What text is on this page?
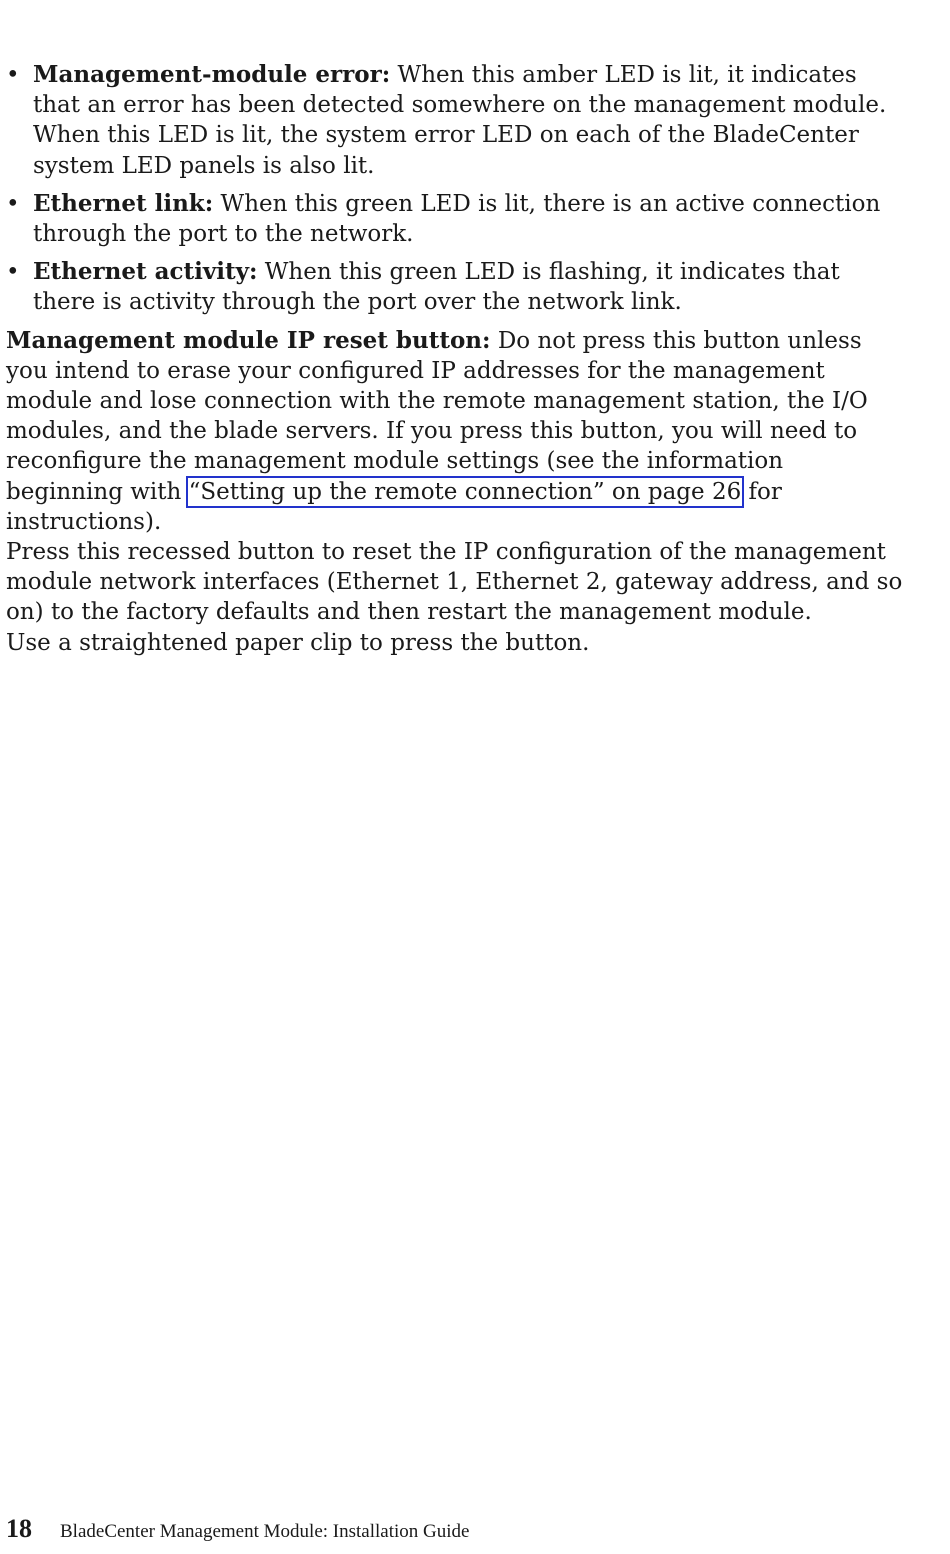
• Management-module error: When this amber LED is lit, it indicates that an error has been detected somewhere on the management module. When this LED is lit, the system error LED on each of the BladeCenter system LED panels is also lit.
• Ethernet link: When this green LED is lit, there is an active connection through the port to the network.
• Ethernet activity: When this green LED is flashing, it indicates that there is activity through the port over the network link.

Management module IP reset button: Do not press this button unless you intend to erase your configured IP addresses for the management module and lose connection with the remote management station, the I/O modules, and the blade servers. If you press this button, you will need to reconfigure the management module settings (see the information beginning with “Setting up the remote connection” on page 26 for instructions).

Press this recessed button to reset the IP configuration of the management module network interfaces (Ethernet 1, Ethernet 2, gateway address, and so on) to the factory defaults and then restart the management module.

Use a straightened paper clip to press the button.

18 BladeCenter Management Module: Installation Guide
